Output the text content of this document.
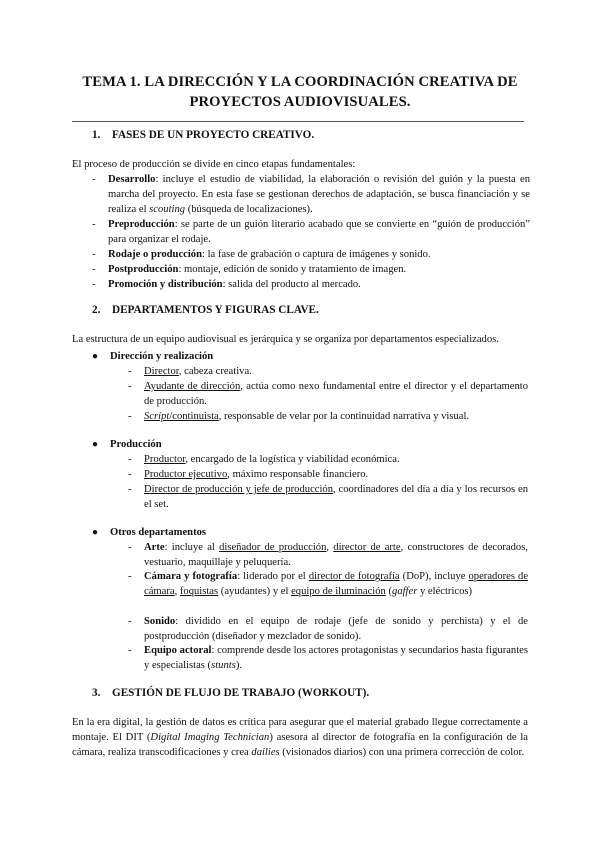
TEMA 1. LA DIRECCIÓN Y LA COORDINACIÓN CREATIVA DE
PROYECTOS AUDIOVISUALES.
1. FASES DE UN PROYECTO CREATIVO.

El proceso de producción se divide en cinco etapas fundamentales:

- Desarrollo: incluye el estudio de viabilidad, la elaboración o revisión del guión y la puesta en marcha del proyecto. En esta fase se gestionan derechos de adaptación, se busca financiación y se realiza el scouting (búsqueda de localizaciones).
- Preproducción: se parte de un guión literario acabado que se convierte en “guión de producción” para organizar el rodaje.
- Rodaje o producción: la fase de grabación o captura de imágenes y sonido.
- Postproducción: montaje, edición de sonido y tratamiento de imagen.
- Promoción y distribución: salida del producto al mercado.
2. DEPARTAMENTOS Y FIGURAS CLAVE.

La estructura de un equipo audiovisual es jerárquica y se organiza por departamentos especializados.

● Dirección y realización
- Director, cabeza creativa.
- Ayudante de dirección, actúa como nexo fundamental entre el director y el departamento de producción.
- Script/continuista, responsable de velar por la continuidad narrativa y visual.
● Producción
- Productor, encargado de la logística y viabilidad económica.
- Productor ejecutivo, máximo responsable financiero.
- Director de producción y jefe de producción, coordinadores del día a día y los recursos en el set.
● Otros departamentos
- Arte: incluye al diseñador de producción, director de arte, constructores de decorados, vestuario, maquillaje y peluquería.
- Cámara y fotografía: liderado por el director de fotografía (DoP), incluye operadores de cámara, foquistas (ayudantes) y el equipo de iluminación (gaffer y eléctricos)
- Sonido: dividido en el equipo de rodaje (jefe de sonido y perchista) y el de postproducción (diseñador y mezclador de sonido).
- Equipo actoral: comprende desde los actores protagonistas y secundarios hasta figurantes y especialistas (stunts).
3. GESTIÓN DE FLUJO DE TRABAJO (WORKOUT).

En la era digital, la gestión de datos es crítica para asegurar que el material grabado llegue correctamente a montaje. El DIT (Digital Imaging Technician) asesora al director de fotografía en la configuración de la cámara, realiza transcodificaciones y crea dailies (visionados diarios) con una primera corrección de color.
